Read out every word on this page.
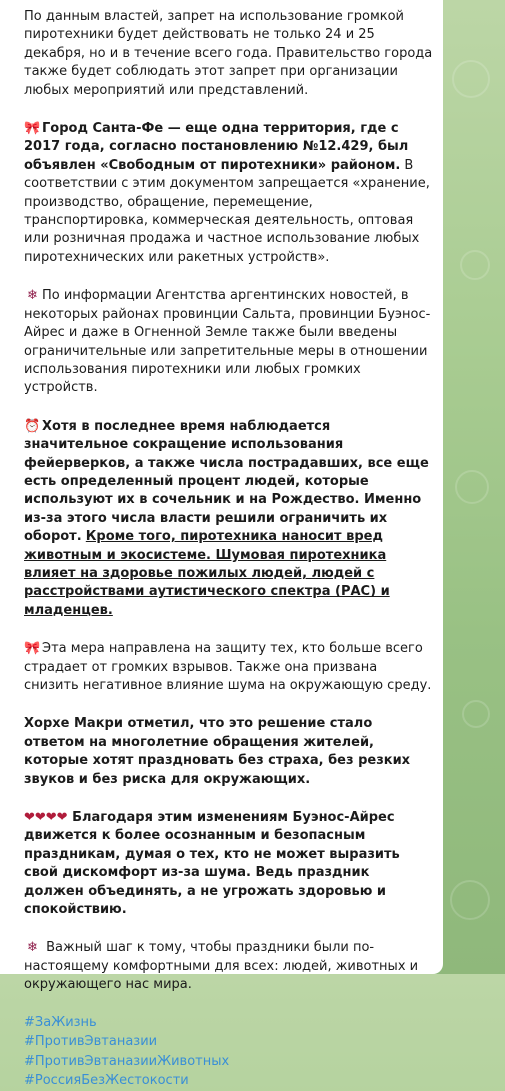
По данным властей, запрет на использование громкой пиротехники будет действовать не только 24 и 25 декабря, но и в течение всего года. Правительство города также будет соблюдать этот запрет при организации любых мероприятий или представлений.

🎀Город Санта-Фе — еще одна территория, где с 2017 года, согласно постановлению №12.429, был объявлен «Свободным от пиротехники» районом. В соответствии с этим документом запрещается «хранение, производство, обращение, перемещение, транспортировка, коммерческая деятельность, оптовая или розничная продажа и частное использование любых пиротехнических или ракетных устройств».

❄ По информации Агентства аргентинских новостей, в некоторых районах провинции Сальта, провинции Буэнос-Айрес и даже в Огненной Земле также были введены ограничительные или запретительные меры в отношении использования пиротехники или любых громких устройств.

⏰Хотя в последнее время наблюдается значительное сокращение использования фейерверков, а также числа пострадавших, все еще есть определенный процент людей, которые используют их в сочельник и на Рождество. Именно из-за этого числа власти решили ограничить их оборот. Кроме того, пиротехника наносит вред животным и экосистеме. Шумовая пиротехника влияет на здоровье пожилых людей, людей с расстройствами аутистического спектра (РАС) и младенцев.

🎀Эта мера направлена на защиту тех, кто больше всего страдает от громких взрывов. Также она призвана снизить негативное влияние шума на окружающую среду.

Хорхе Макри отметил, что это решение стало ответом на многолетние обращения жителей, которые хотят праздновать без страха, без резких звуков и без риска для окружающих.

❤❤❤❤ Благодаря этим изменениям Буэнос-Айрес движется к более осознанным и безопасным праздникам, думая о тех, кто не может выразить свой дискомфорт из-за шума. Ведь праздник должен объединять, а не угрожать здоровью и спокойствию.

❄ Важный шаг к тому, чтобы праздники были по-настоящему комфортными для всех: людей, животных и окружающего нас мира.

#ЗаЖизнь
#ПротивЭвтаназии
#ПротивЭвтаназииЖивотных
#РоссияБезЖестокости
